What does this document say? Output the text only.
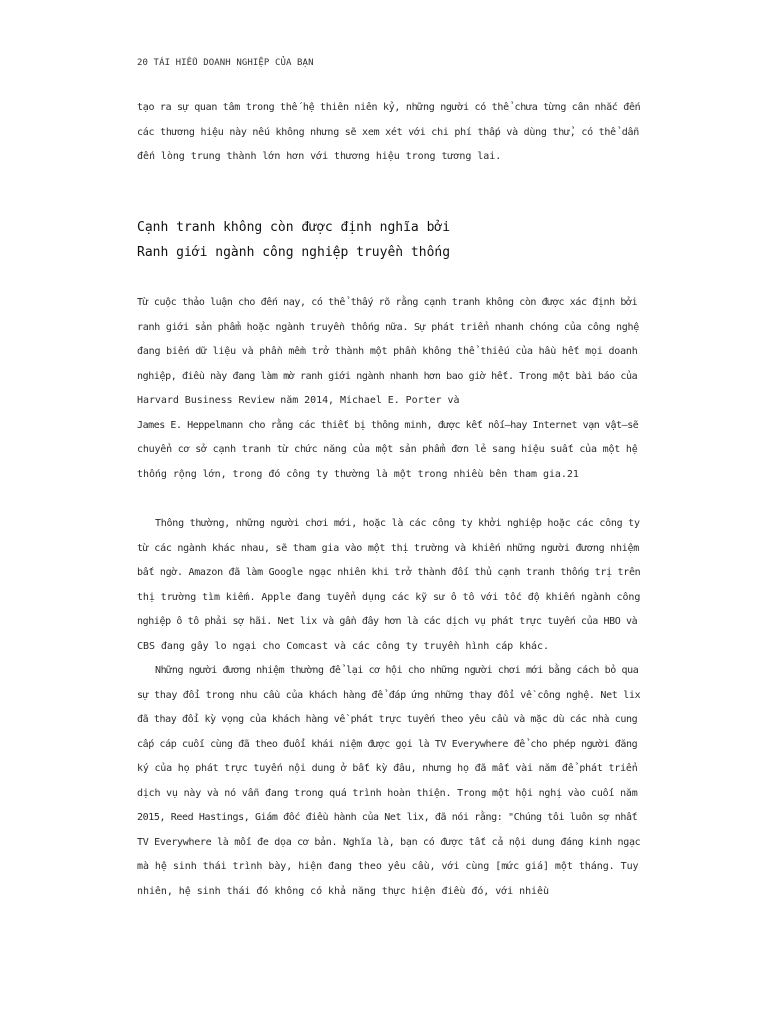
20 TÁI HIỂU DOANH NGHIỆP CỦA BẠN
tạo ra sự quan tâm trong thế hệ thiên niên kỷ, những người có thể chưa từng cân nhắc đến
các thương hiệu này nếu không nhưng sẽ xem xét với chi phí thấp và dùng thử, có thể dẫn
đến lòng trung thành lớn hơn với thương hiệu trong tương lai.
Cạnh tranh không còn được định nghĩa bởi
Ranh giới ngành công nghiệp truyền thống
Từ cuộc thảo luận cho đến nay, có thể thấy rõ rằng cạnh tranh không còn được xác định bởi
ranh giới sản phẩm hoặc ngành truyền thống nữa. Sự phát triển nhanh chóng của công nghệ
đang biến dữ liệu và phần mềm trở thành một phần không thể thiếu của hầu hết mọi doanh
nghiệp, điều này đang làm mờ ranh giới ngành nhanh hơn bao giờ hết. Trong một bài báo của
Harvard Business Review năm 2014, Michael E. Porter và
James E. Heppelmann cho rằng các thiết bị thông minh, được kết nối—hay Internet vạn vật—sẽ
chuyển cơ sở cạnh tranh từ chức năng của một sản phẩm đơn lẻ sang hiệu suất của một hệ
thống rộng lớn, trong đó công ty thường là một trong nhiều bên tham gia.21
Thông thường, những người chơi mới, hoặc là các công ty khởi nghiệp hoặc các công ty
từ các ngành khác nhau, sẽ tham gia vào một thị trường và khiến những người đương nhiệm
bất ngờ. Amazon đã làm Google ngạc nhiên khi trở thành đối thủ cạnh tranh thống trị trên
thị trường tìm kiếm. Apple đang tuyển dụng các kỹ sư ô tô với tốc độ khiến ngành công
nghiệp ô tô phải sợ hãi. Net lix và gần đây hơn là các dịch vụ phát trực tuyến của HBO và
CBS đang gây lo ngại cho Comcast và các công ty truyền hình cáp khác.
Những người đương nhiệm thường để lại cơ hội cho những người chơi mới bằng cách bỏ qua
sự thay đổi trong nhu cầu của khách hàng để đáp ứng những thay đổi về công nghệ. Net lix
đã thay đổi kỳ vọng của khách hàng về phát trực tuyến theo yêu cầu và mặc dù các nhà cung
cấp cáp cuối cùng đã theo đuổi khái niệm được gọi là TV Everywhere để cho phép người đăng
ký của họ phát trực tuyến nội dung ở bất kỳ đâu, nhưng họ đã mất vài năm để phát triển
dịch vụ này và nó vẫn đang trong quá trình hoàn thiện. Trong một hội nghị vào cuối năm
2015, Reed Hastings, Giám đốc điều hành của Net lix, đã nói rằng: "Chúng tôi luôn sợ nhất
TV Everywhere là mối đe dọa cơ bản. Nghĩa là, bạn có được tất cả nội dung đáng kinh ngạc
mà hệ sinh thái trình bày, hiện đang theo yêu cầu, với cùng [mức giá] một tháng. Tuy
nhiên, hệ sinh thái đó không có khả năng thực hiện điều đó, với nhiều
